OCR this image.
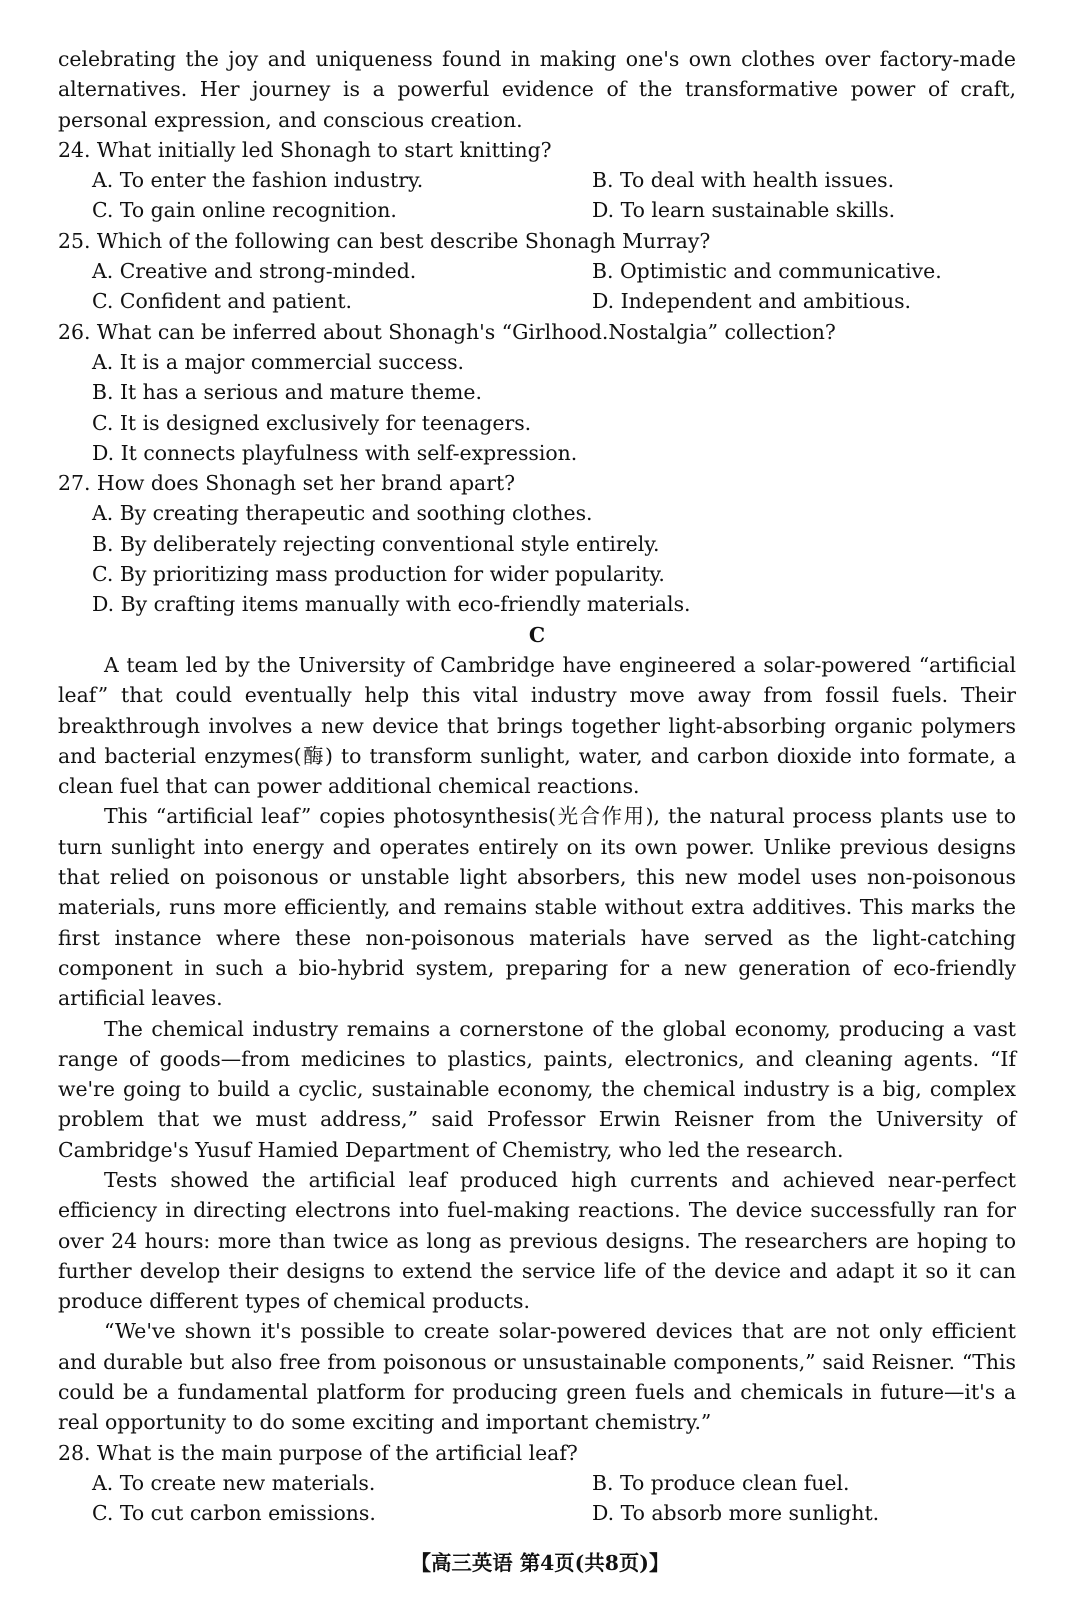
celebrating the joy and uniqueness found in making one's own clothes over factory-made alternatives. Her journey is a powerful evidence of the transformative power of craft, personal expression, and conscious creation.

24. What initially led Shonagh to start knitting?

A. To enter the fashion industry.	B. To deal with health issues.

C. To gain online recognition.	D. To learn sustainable skills.

25. Which of the following can best describe Shonagh Murray?

A. Creative and strong-minded.	B. Optimistic and communicative.

C. Confident and patient.	D. Independent and ambitious.

26. What can be inferred about Shonagh's “Girlhood.Nostalgia” collection?

A. It is a major commercial success.

B. It has a serious and mature theme.

C. It is designed exclusively for teenagers.

D. It connects playfulness with self-expression.

27. How does Shonagh set her brand apart?

A. By creating therapeutic and soothing clothes.

B. By deliberately rejecting conventional style entirely.

C. By prioritizing mass production for wider popularity.

D. By crafting items manually with eco-friendly materials.

C

A team led by the University of Cambridge have engineered a solar-powered “artificial leaf” that could eventually help this vital industry move away from fossil fuels. Their breakthrough involves a new device that brings together light-absorbing organic polymers and bacterial enzymes(酶) to transform sunlight, water, and carbon dioxide into formate, a clean fuel that can power additional chemical reactions.

This “artificial leaf” copies photosynthesis(光合作用), the natural process plants use to turn sunlight into energy and operates entirely on its own power. Unlike previous designs that relied on poisonous or unstable light absorbers, this new model uses non-poisonous materials, runs more efficiently, and remains stable without extra additives. This marks the first instance where these non-poisonous materials have served as the light-catching component in such a bio-hybrid system, preparing for a new generation of eco-friendly artificial leaves.

The chemical industry remains a cornerstone of the global economy, producing a vast range of goods—from medicines to plastics, paints, electronics, and cleaning agents. “If we're going to build a cyclic, sustainable economy, the chemical industry is a big, complex problem that we must address,” said Professor Erwin Reisner from the University of Cambridge's Yusuf Hamied Department of Chemistry, who led the research.

Tests showed the artificial leaf produced high currents and achieved near-perfect efficiency in directing electrons into fuel-making reactions. The device successfully ran for over 24 hours: more than twice as long as previous designs. The researchers are hoping to further develop their designs to extend the service life of the device and adapt it so it can produce different types of chemical products.

“We've shown it's possible to create solar-powered devices that are not only efficient and durable but also free from poisonous or unsustainable components,” said Reisner. “This could be a fundamental platform for producing green fuels and chemicals in future—it's a real opportunity to do some exciting and important chemistry.”

28. What is the main purpose of the artificial leaf?

A. To create new materials.	B. To produce clean fuel.

C. To cut carbon emissions.	D. To absorb more sunlight.

【高三英语 第4页(共8页)】
